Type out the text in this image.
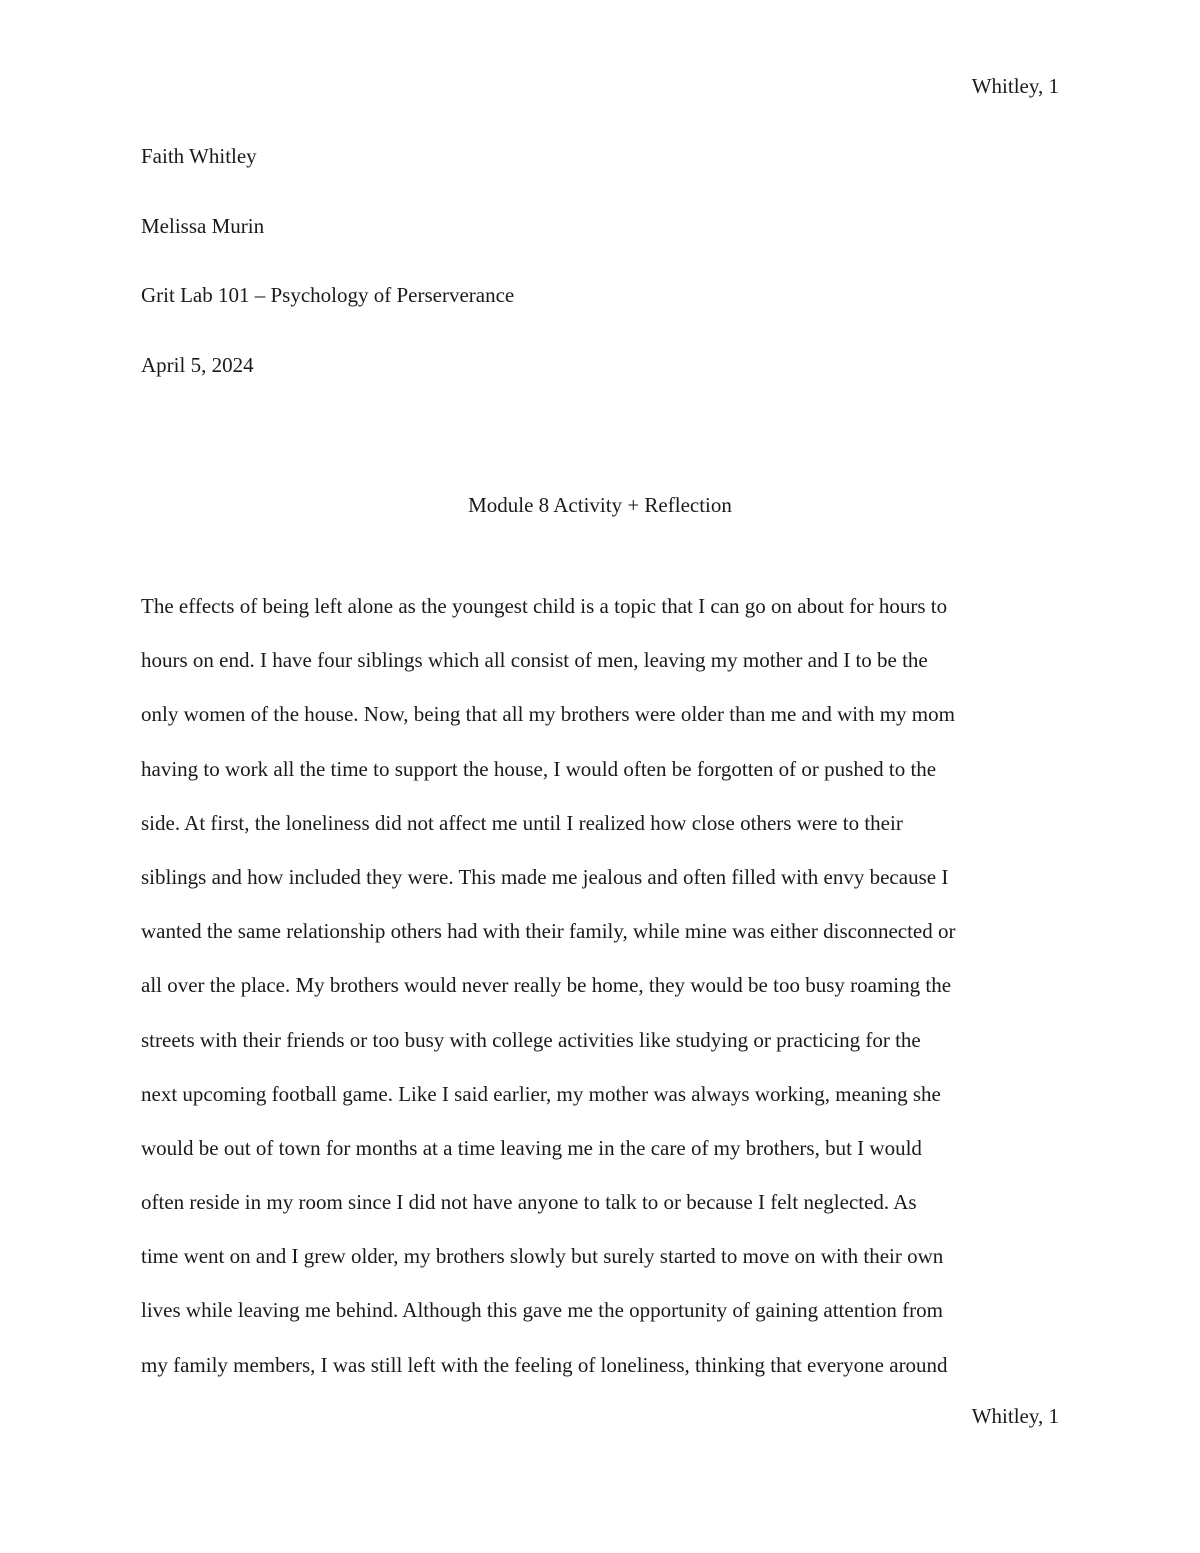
Whitley, 1
Faith Whitley
Melissa Murin
Grit Lab 101 – Psychology of Perserverance
April 5, 2024
Module 8 Activity + Reflection
The effects of being left alone as the youngest child is a topic that I can go on about for hours to
hours on end. I have four siblings which all consist of men, leaving my mother and I to be the
only women of the house. Now, being that all my brothers were older than me and with my mom
having to work all the time to support the house, I would often be forgotten of or pushed to the
side. At first, the loneliness did not affect me until I realized how close others were to their
siblings and how included they were. This made me jealous and often filled with envy because I
wanted the same relationship others had with their family, while mine was either disconnected or
all over the place. My brothers would never really be home, they would be too busy roaming the
streets with their friends or too busy with college activities like studying or practicing for the
next upcoming football game. Like I said earlier, my mother was always working, meaning she
would be out of town for months at a time leaving me in the care of my brothers, but I would
often reside in my room since I did not have anyone to talk to or because I felt neglected. As
time went on and I grew older, my brothers slowly but surely started to move on with their own
lives while leaving me behind. Although this gave me the opportunity of gaining attention from
my family members, I was still left with the feeling of loneliness, thinking that everyone around
Whitley, 1
